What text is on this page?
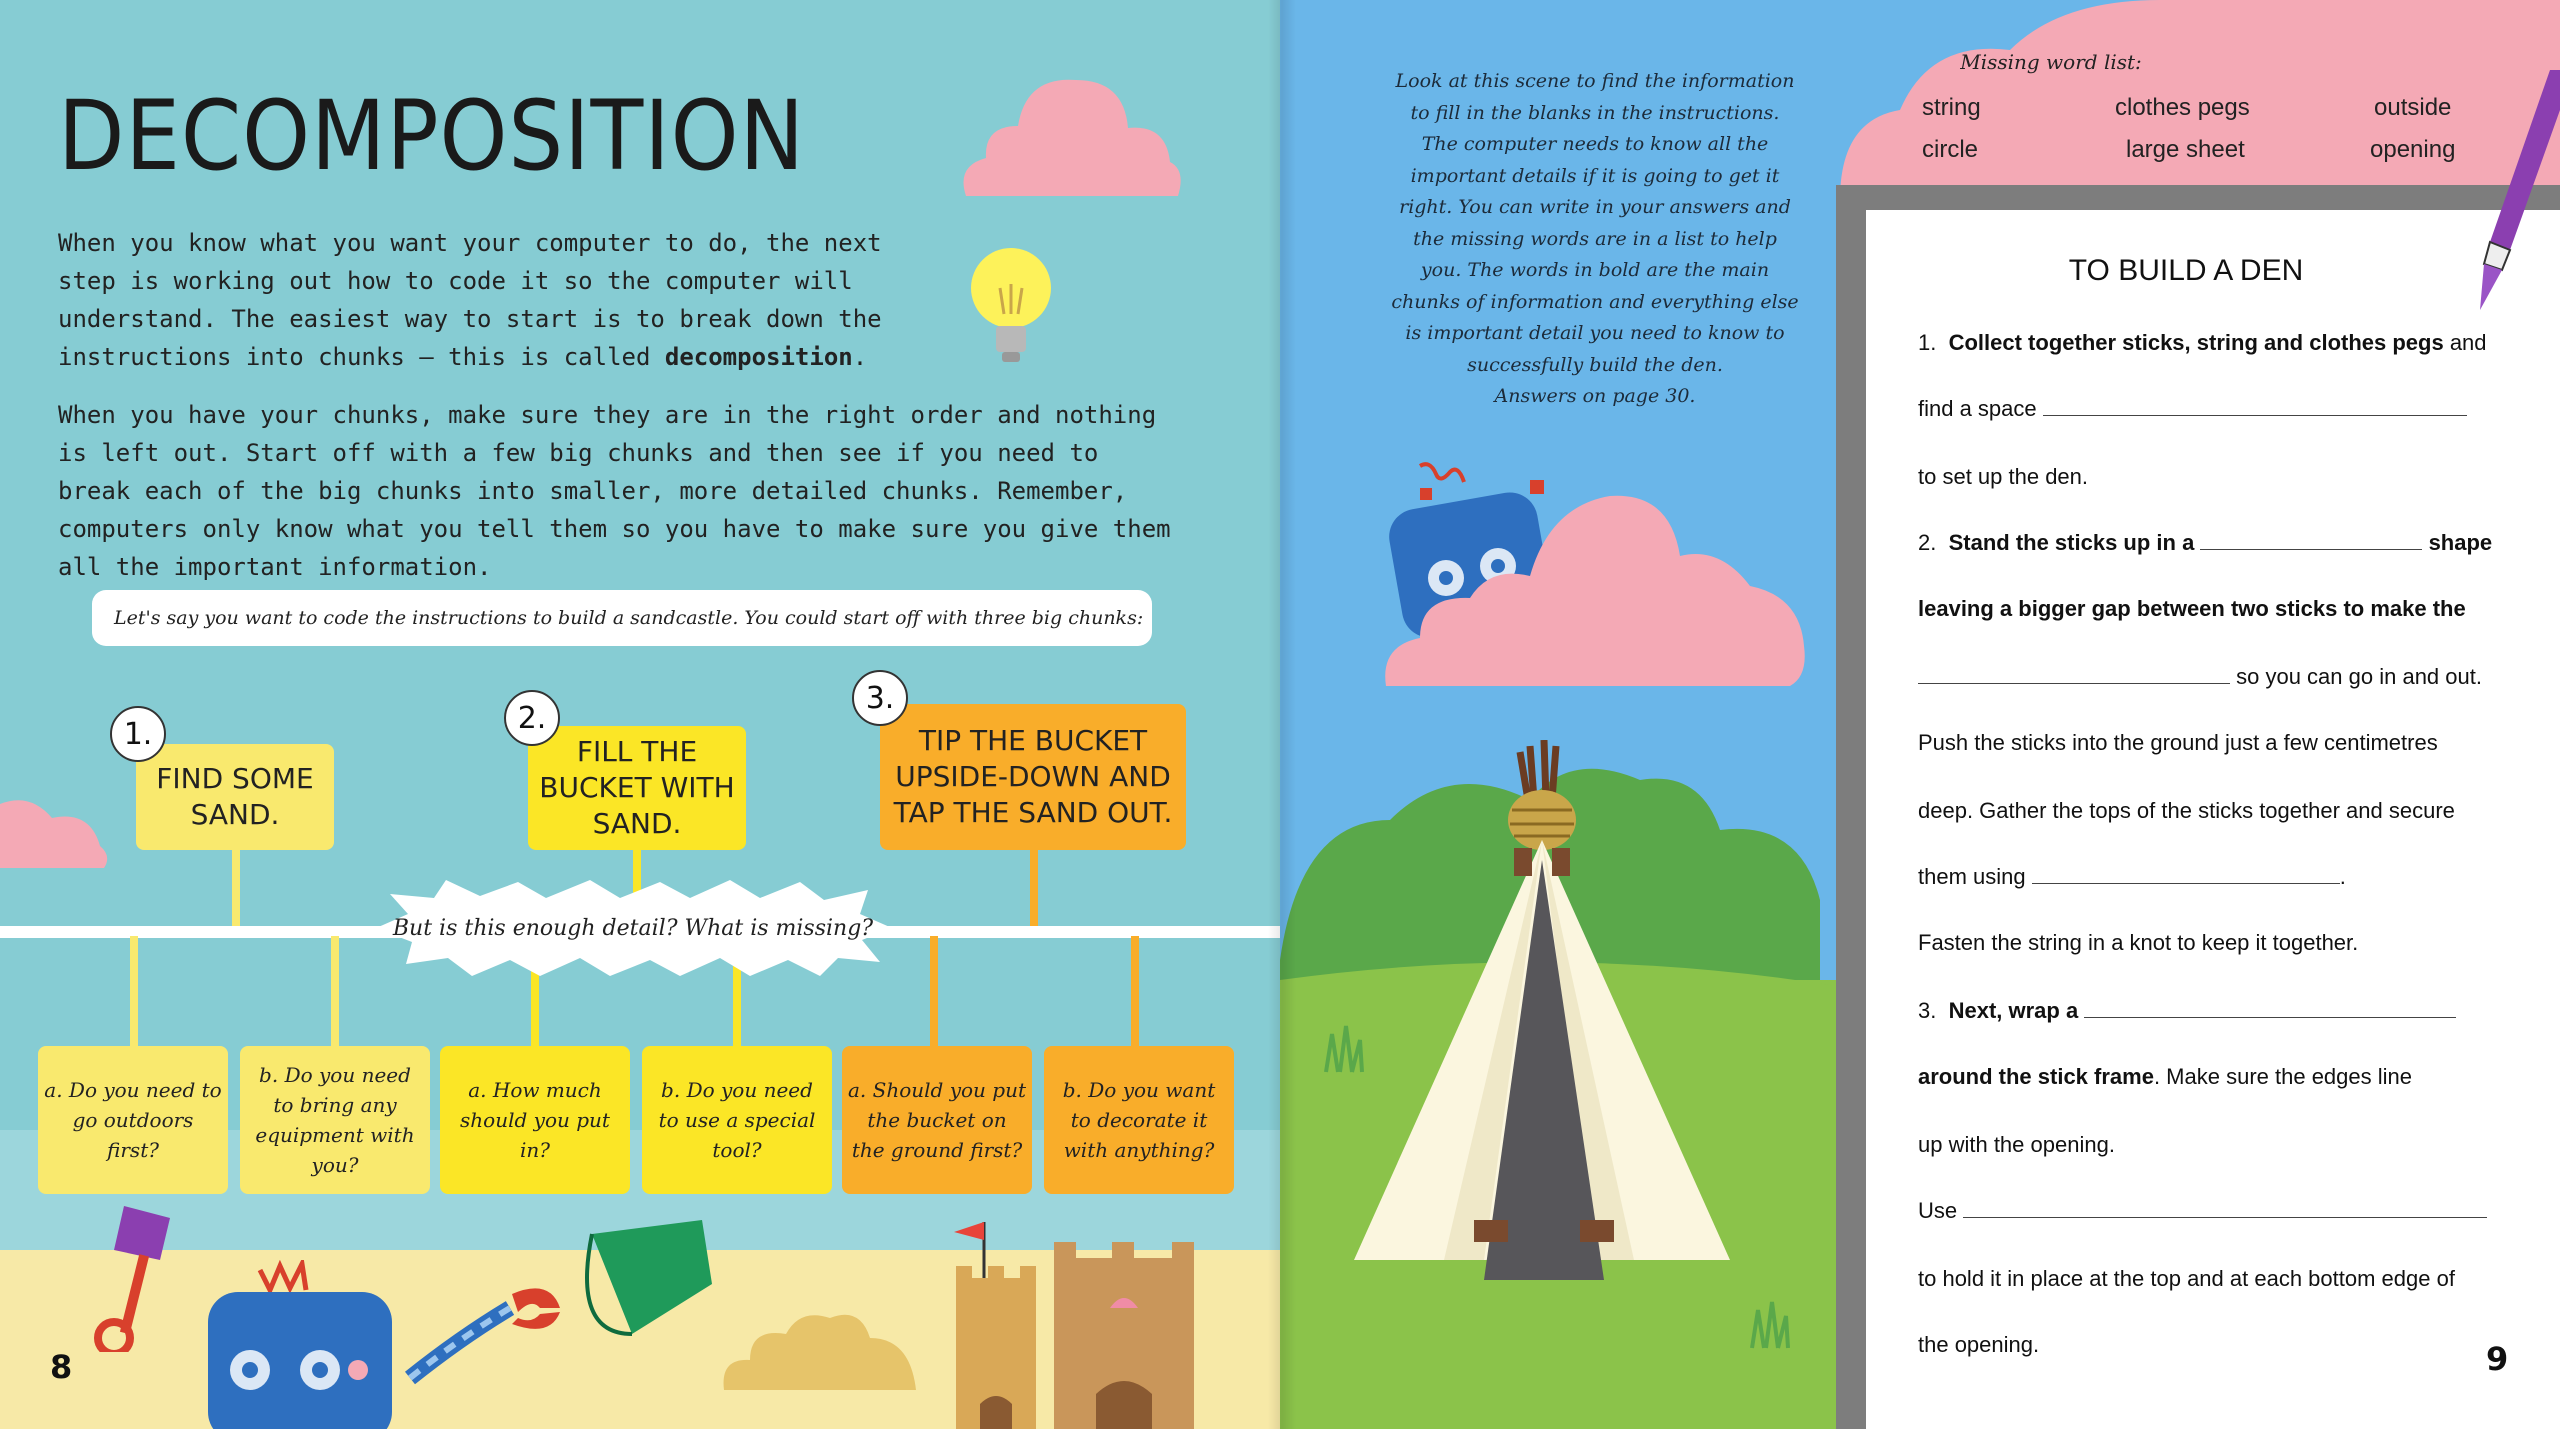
DECOMPOSITION

When you know what you want your computer to do, the next step is working out how to code it so the computer will understand. The easiest way to start is to break down the instructions into chunks – this is called decomposition.

When you have your chunks, make sure they are in the right order and nothing is left out. Start off with a few big chunks and then see if you need to break each of the big chunks into smaller, more detailed chunks. Remember, computers only know what you tell them so you have to make sure you give them all the important information.

Let's say you want to code the instructions to build a sandcastle. You could start off with three big chunks:
FIND SOME SAND.
1.	FILL THE BUCKET WITH SAND.
2.
TIP THE BUCKET UPSIDE-DOWN AND TAP THE SAND OUT.
3.
But is this enough detail? What is missing?
a. Do you need to go outdoors first?
b. Do you need to bring any equipment with you?
a. How much should you put in?
b. Do you need to use a special tool?
a. Should you put the bucket on the ground first?
b. Do you want to decorate it with anything?
8

Look at this scene to find the information to fill in the blanks in the instructions. The computer needs to know all the important details if it is going to get it right. You can write in your answers and the missing words are in a list to help you. The words in bold are the main chunks of information and everything else is important detail you need to know to successfully build the den.
Answers on page 30.

Missing word list:
string	clothes pegs	outside
circle	large sheet	opening
TO BUILD A DEN
1. Collect together sticks, string and clothes pegs and
find a space
to set up the den.
2. Stand the sticks up in a	shape
leaving a bigger gap between two sticks to make the
so you can go in and out.
Push the sticks into the ground just a few centimetres
deep. Gather the tops of the sticks together and secure
them using	.
Fasten the string in a knot to keep it together.
3. Next, wrap a
around the stick frame. Make sure the edges line
up with the opening.
Use
to hold it in place at the top and at each bottom edge of
the opening.	9
